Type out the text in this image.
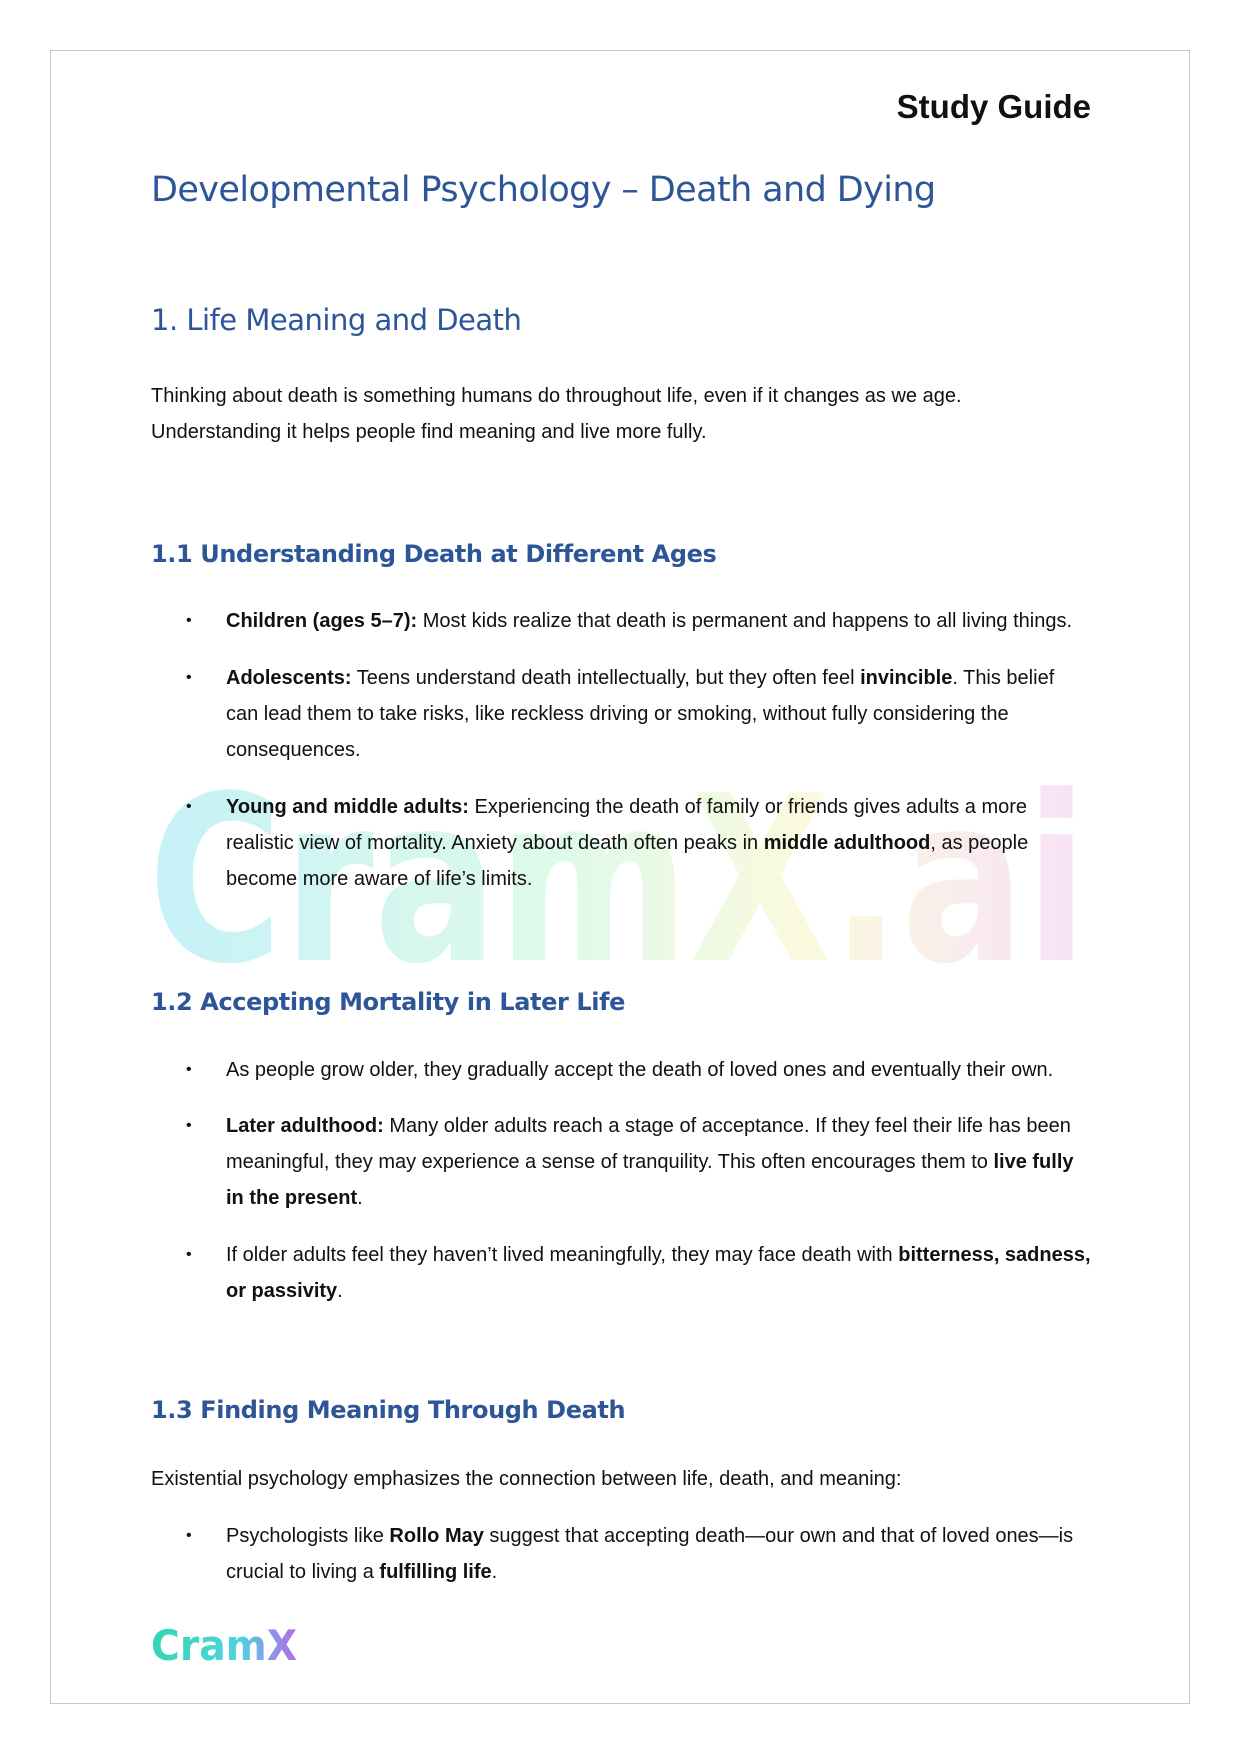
CramX.ai
Study Guide
Developmental Psychology – Death and Dying
1. Life Meaning and Death
Thinking about death is something humans do throughout life, even if it changes as we age.
Understanding it helps people find meaning and live more fully.
1.1 Understanding Death at Different Ages
• Children (ages 5–7): Most kids realize that death is permanent and happens to all living things.
• Adolescents: Teens understand death intellectually, but they often feel invincible. This belief can lead them to take risks, like reckless driving or smoking, without fully considering the consequences.
• Young and middle adults: Experiencing the death of family or friends gives adults a more realistic view of mortality. Anxiety about death often peaks in middle adulthood, as people become more aware of life’s limits.
1.2 Accepting Mortality in Later Life
• As people grow older, they gradually accept the death of loved ones and eventually their own.
• Later adulthood: Many older adults reach a stage of acceptance. If they feel their life has been meaningful, they may experience a sense of tranquility. This often encourages them to live fully in the present.
• If older adults feel they haven’t lived meaningfully, they may face death with bitterness, sadness, or passivity.
1.3 Finding Meaning Through Death
Existential psychology emphasizes the connection between life, death, and meaning:
• Psychologists like Rollo May suggest that accepting death—our own and that of loved ones—is crucial to living a fulfilling life.
CramX
